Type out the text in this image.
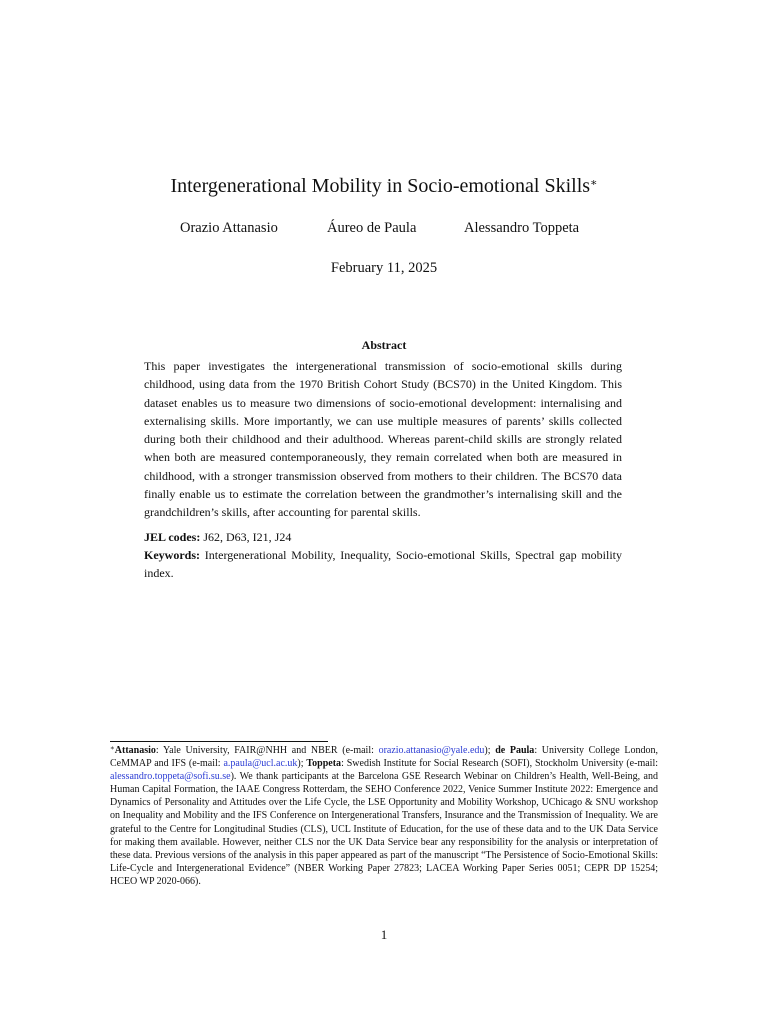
Intergenerational Mobility in Socio-emotional Skills∗
Orazio Attanasio	Áureo de Paula	Alessandro Toppeta
February 11, 2025
Abstract
This paper investigates the intergenerational transmission of socio-emotional skills during childhood, using data from the 1970 British Cohort Study (BCS70) in the United Kingdom. This dataset enables us to measure two dimensions of socio-emotional development: internalising and externalising skills. More importantly, we can use multiple measures of parents’ skills collected during both their childhood and their adulthood. Whereas parent-child skills are strongly related when both are measured contemporaneously, they remain correlated when both are measured in childhood, with a stronger transmission observed from mothers to their children. The BCS70 data finally enable us to estimate the correlation between the grandmother’s internalising skill and the grandchildren’s skills, after accounting for parental skills.
JEL codes: J62, D63, I21, J24
Keywords: Intergenerational Mobility, Inequality, Socio-emotional Skills, Spectral gap mobility index.
∗Attanasio: Yale University, FAIR@NHH and NBER (e-mail: orazio.attanasio@yale.edu); de Paula: University College London, CeMMAP and IFS (e-mail: a.paula@ucl.ac.uk); Toppeta: Swedish Institute for Social Research (SOFI), Stockholm University (e-mail: alessandro.toppeta@sofi.su.se). We thank participants at the Barcelona GSE Research Webinar on Children’s Health, Well-Being, and Human Capital Formation, the IAAE Congress Rotterdam, the SEHO Conference 2022, Venice Summer Institute 2022: Emergence and Dynamics of Personality and Attitudes over the Life Cycle, the LSE Opportunity and Mobility Workshop, UChicago & SNU workshop on Inequality and Mobility and the IFS Conference on Intergenerational Transfers, Insurance and the Transmission of Inequality. We are grateful to the Centre for Longitudinal Studies (CLS), UCL Institute of Education, for the use of these data and to the UK Data Service for making them available. However, neither CLS nor the UK Data Service bear any responsibility for the analysis or interpretation of these data. Previous versions of the analysis in this paper appeared as part of the manuscript “The Persistence of Socio-Emotional Skills: Life-Cycle and Intergenerational Evidence” (NBER Working Paper 27823; LACEA Working Paper Series 0051; CEPR DP 15254; HCEO WP 2020-066).
1
